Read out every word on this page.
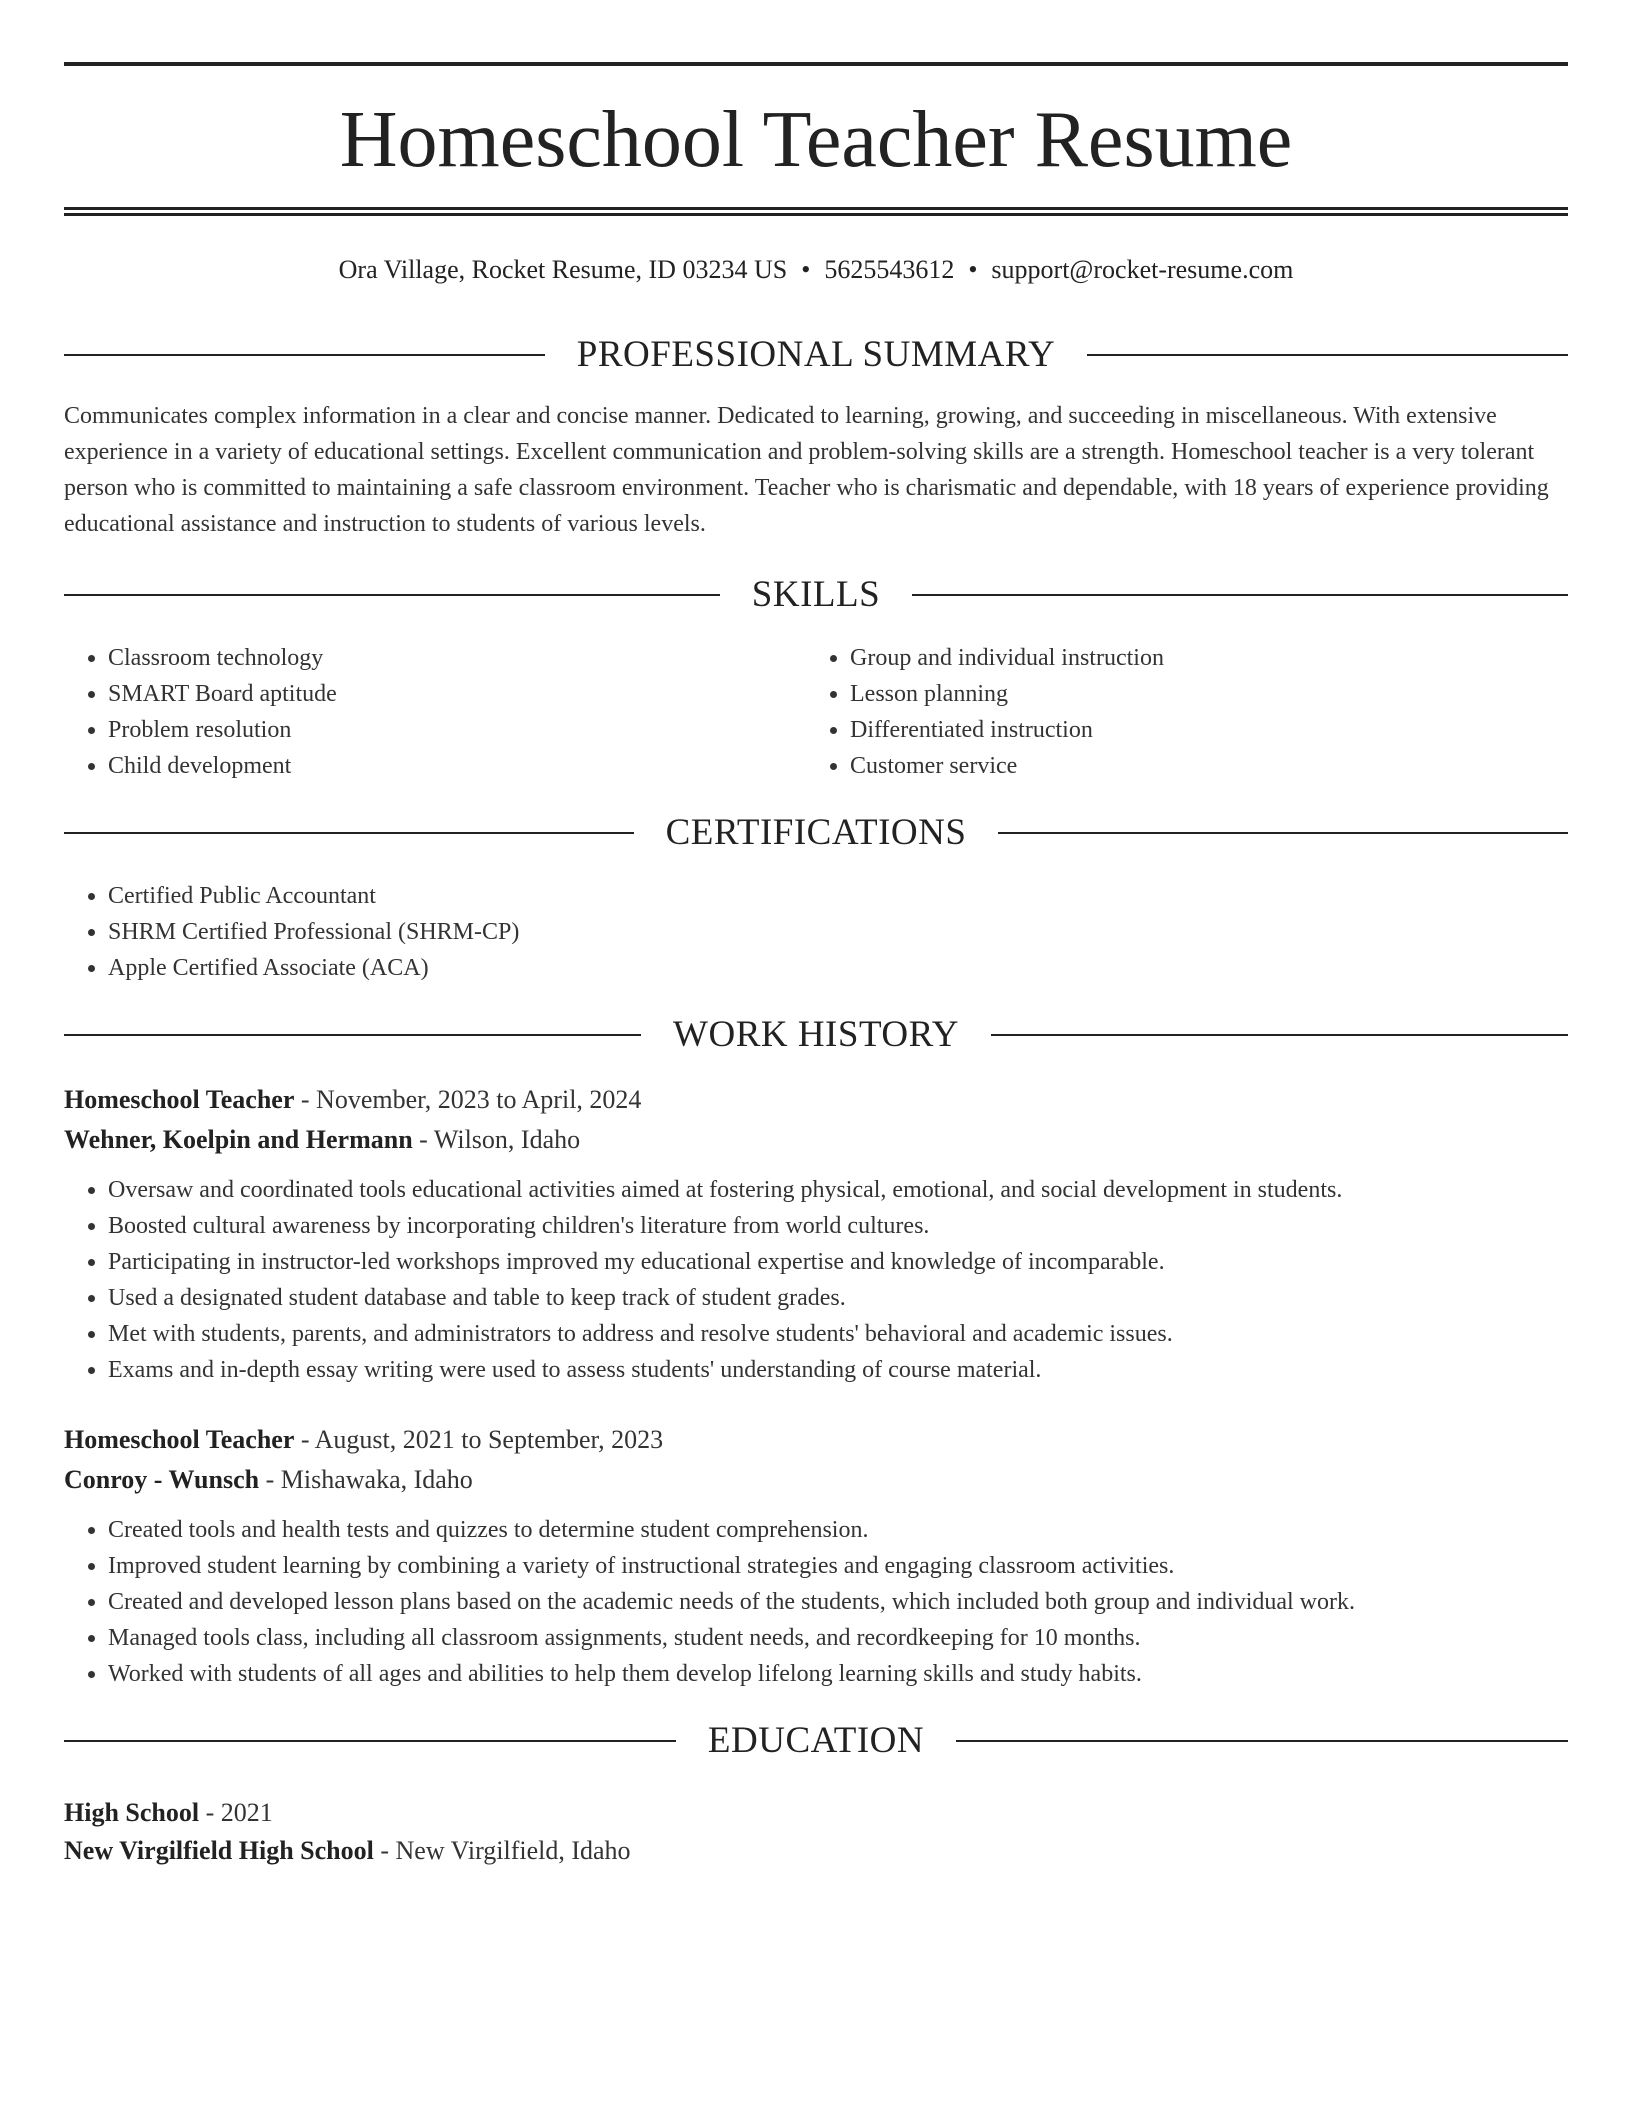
Homeschool Teacher Resume
Ora Village, Rocket Resume, ID 03234 US • 5625543612 • support@rocket-resume.com
PROFESSIONAL SUMMARY

Communicates complex information in a clear and concise manner. Dedicated to learning, growing, and succeeding in miscellaneous. With extensive experience in a variety of educational settings. Excellent communication and problem-solving skills are a strength. Homeschool teacher is a very tolerant person who is committed to maintaining a safe classroom environment. Teacher who is charismatic and dependable, with 18 years of experience providing educational assistance and instruction to students of various levels.

SKILLS
• Classroom technology
• SMART Board aptitude
• Problem resolution
• Child development
• Group and individual instruction
• Lesson planning
• Differentiated instruction
• Customer service
CERTIFICATIONS
• Certified Public Accountant
• SHRM Certified Professional (SHRM-CP)
• Apple Certified Associate (ACA)
WORK HISTORY
Homeschool Teacher - November, 2023 to April, 2024
Wehner, Koelpin and Hermann - Wilson, Idaho
• Oversaw and coordinated tools educational activities aimed at fostering physical, emotional, and social development in students.
• Boosted cultural awareness by incorporating children's literature from world cultures.
• Participating in instructor-led workshops improved my educational expertise and knowledge of incomparable.
• Used a designated student database and table to keep track of student grades.
• Met with students, parents, and administrators to address and resolve students' behavioral and academic issues.
• Exams and in-depth essay writing were used to assess students' understanding of course material.
Homeschool Teacher - August, 2021 to September, 2023
Conroy - Wunsch - Mishawaka, Idaho
• Created tools and health tests and quizzes to determine student comprehension.
• Improved student learning by combining a variety of instructional strategies and engaging classroom activities.
• Created and developed lesson plans based on the academic needs of the students, which included both group and individual work.
• Managed tools class, including all classroom assignments, student needs, and recordkeeping for 10 months.
• Worked with students of all ages and abilities to help them develop lifelong learning skills and study habits.
EDUCATION
High School - 2021
New Virgilfield High School - New Virgilfield, Idaho
